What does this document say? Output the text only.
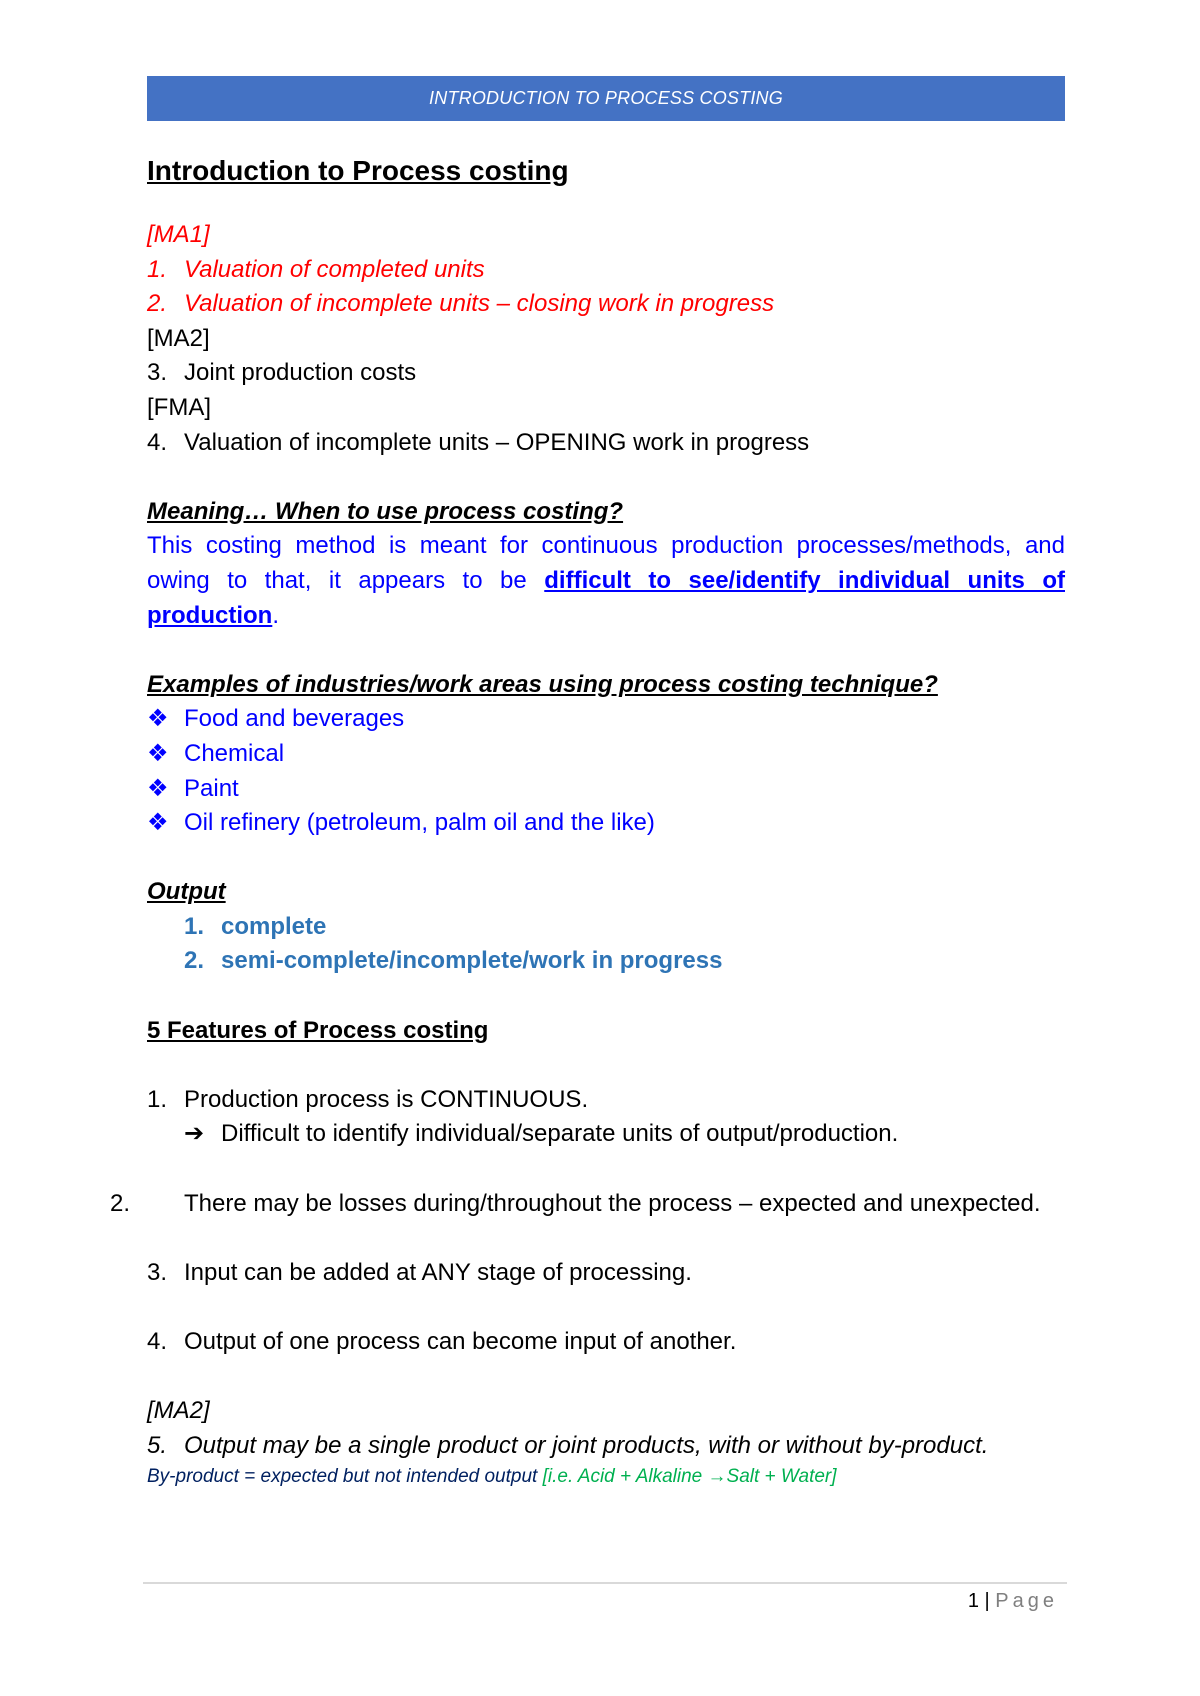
INTRODUCTION TO PROCESS COSTING

Introduction to Process costing

[MA1]

1. Valuation of completed units

2. Valuation of incomplete units – closing work in progress

[MA2]

3. Joint production costs

[FMA]

4. Valuation of incomplete units – OPENING work in progress

Meaning… When to use process costing?

This costing method is meant for continuous production processes/methods, and owing to that, it appears to be difficult to see/identify individual units of production.

Examples of industries/work areas using process costing technique?

❖ Food and beverages

❖ Chemical

❖ Paint

❖ Oil refinery (petroleum, palm oil and the like)

Output

1. complete

2. semi-complete/incomplete/work in progress

5 Features of Process costing

1. Production process is CONTINUOUS.

➔ Difficult to identify individual/separate units of output/production.

2. There may be losses during/throughout the process – expected and unexpected.

3. Input can be added at ANY stage of processing.

4. Output of one process can become input of another.

[MA2]

5. Output may be a single product or joint products, with or without by-product.

By-product = expected but not intended output [i.e. Acid + Alkaline →Salt + Water]

1 | Page
